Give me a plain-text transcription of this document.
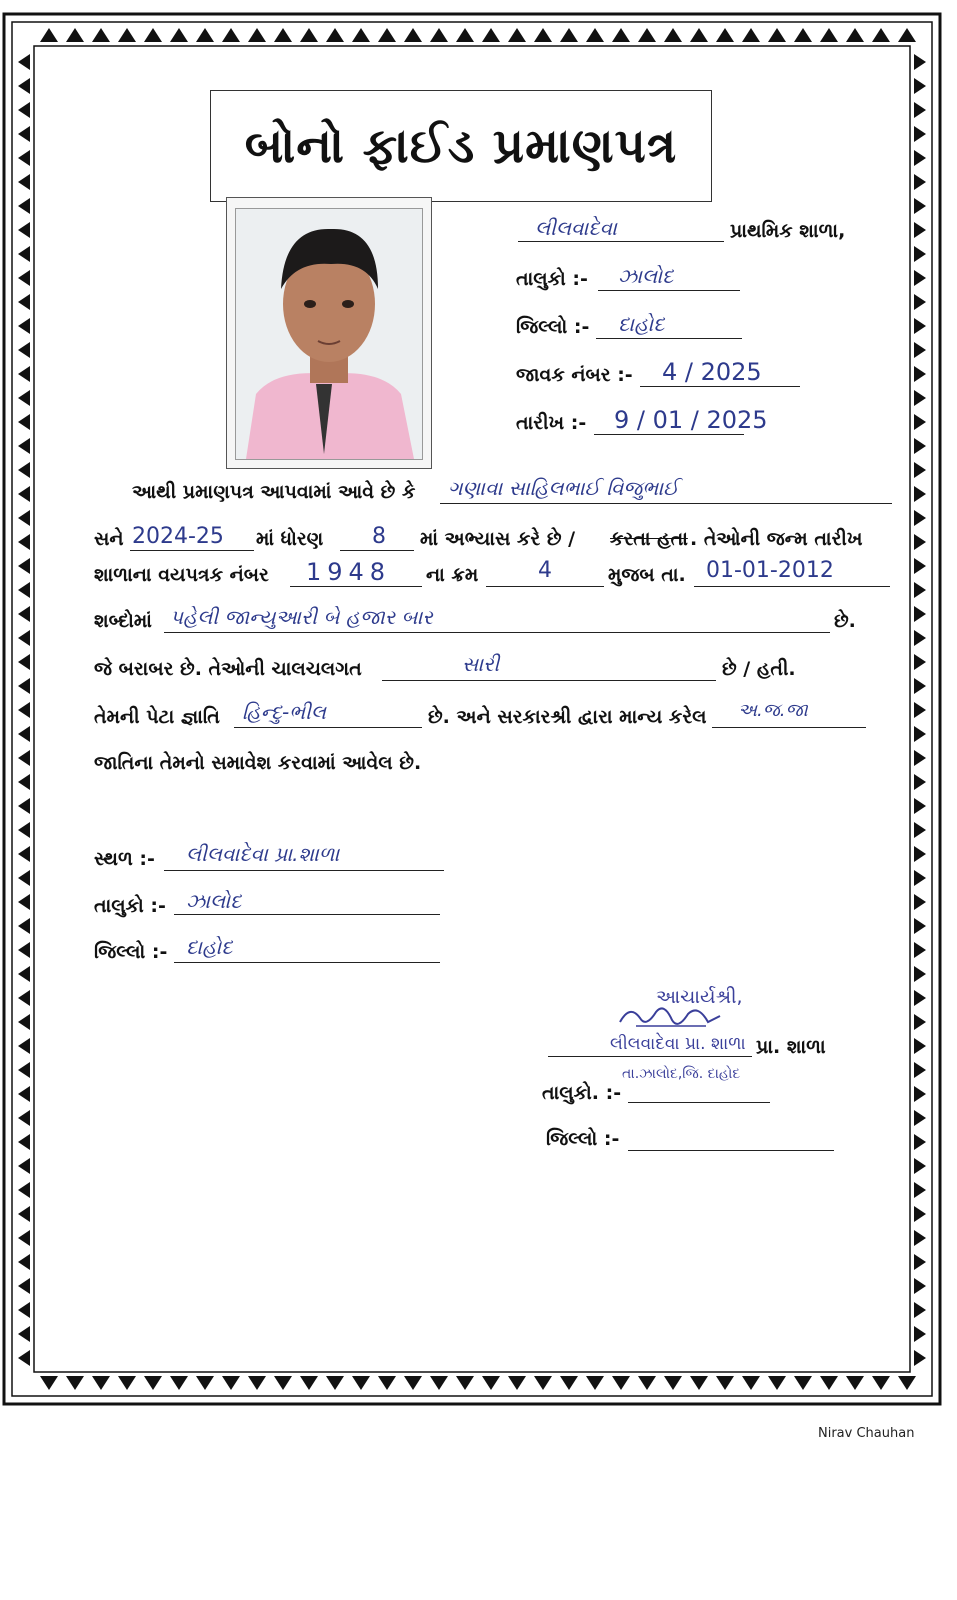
બોનો ફાઈડ પ્રમાણપત્ર
લીલવાદેવા	પ્રાથમિક શાળા,
તાલુકો :- ઝાલોદ
જિલ્લો :- દાહોદ
જાવક નંબર :- 4 / 2025
તારીખ :- 9 / 01 / 2025
આથી પ્રમાણપત્ર આપવામાં આવે છે કે ગણાવા સાહિલભાઈ વિજુભાઈ
સને 2024-25 માં ધોરણ 8 માં અભ્યાસ કરે છે / કરતા હતા . તેઓની જન્મ તારીખ
શાળાના વયપત્રક નંબર 1948 ના ક્રમ	4	મુજબ તા. 01-01-2012
શબ્દોમાં પહેલી જાન્યુઆરી બે હજાર બાર	છે.
જે બરાબર છે. તેઓની ચાલચલગત	સારી	છે / હતી.
તેમની પેટા જ્ઞાતિ હિન્દુ-ભીલ	છે. અને સરકારશ્રી દ્વારા માન્ય કરેલ અ.જ.જા
જાતિના તેમનો સમાવેશ કરવામાં આવેલ છે.
સ્થળ :- લીલવાદેવા પ્રા.શાળા
તાલુકો :- ઝાલોદ
જિલ્લો :- દાહોદ
આચાર્યશ્રી,
લીલવાદેવા પ્રા. શાળા પ્રા. શાળા
તા.ઝાલોદ,જિ. દાહોદ
તાલુકો. :-
જિલ્લો :-
Nirav Chauhan
